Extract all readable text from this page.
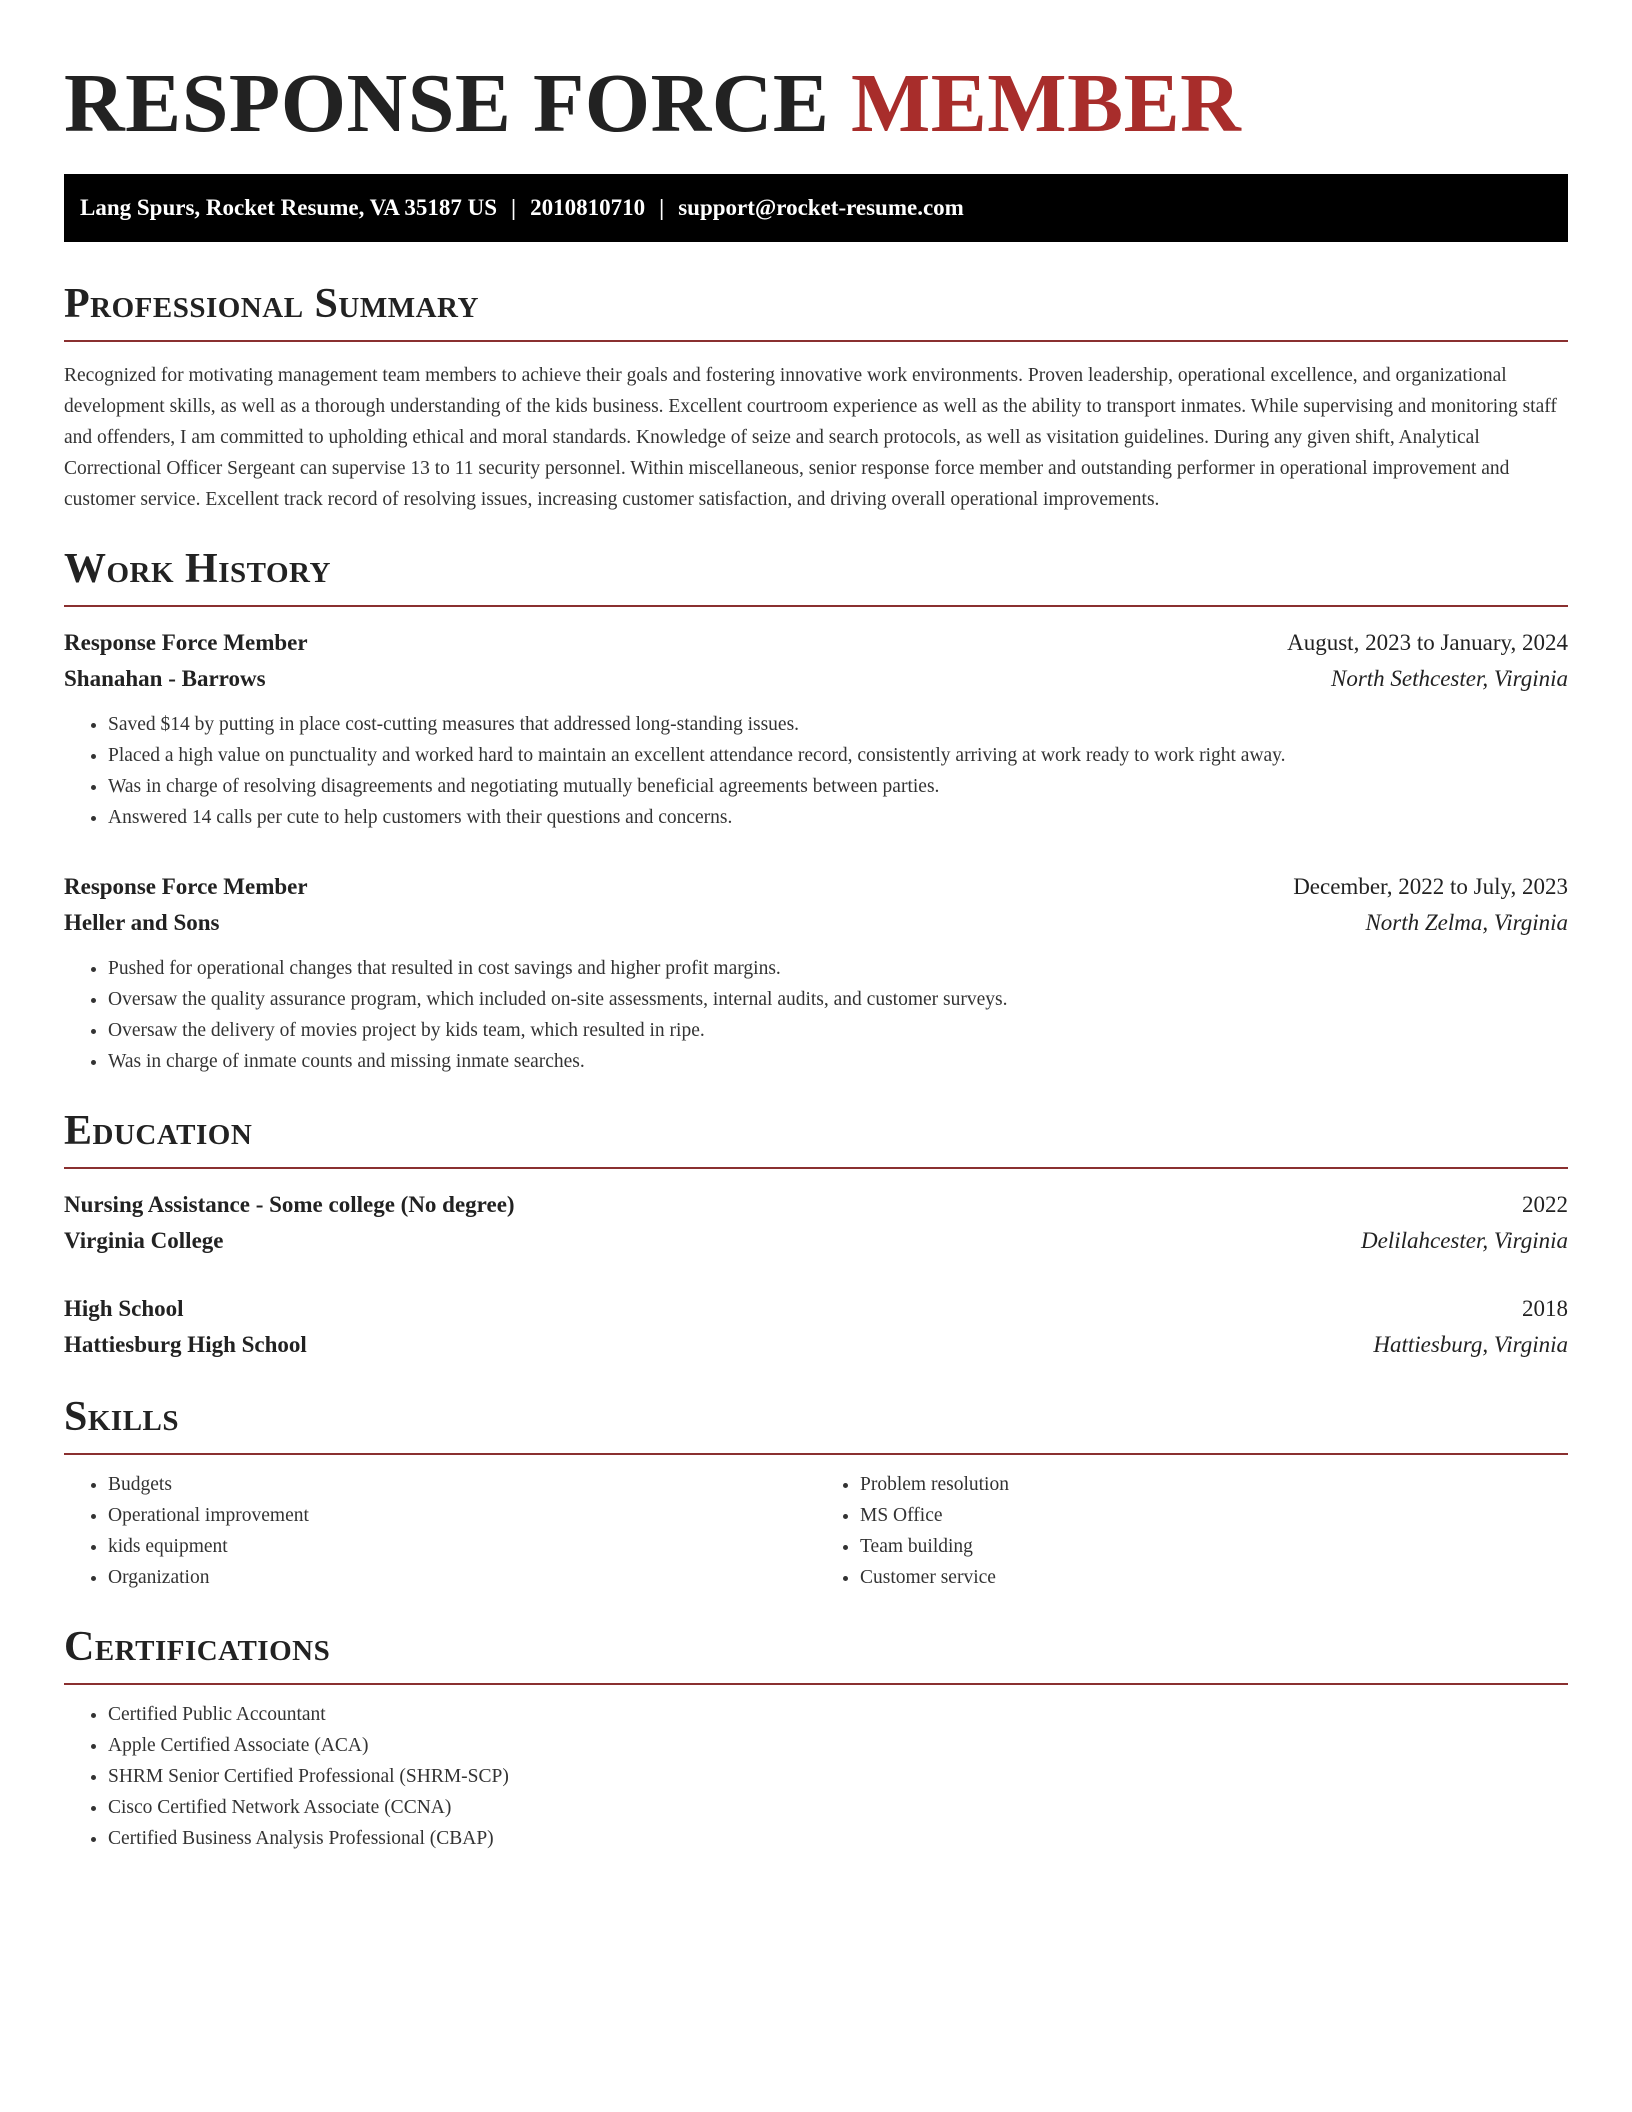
RESPONSE FORCE MEMBER
Lang Spurs, Rocket Resume, VA 35187 US | 2010810710 | support@rocket-resume.com
Professional Summary

Recognized for motivating management team members to achieve their goals and fostering innovative work environments. Proven leadership, operational excellence, and organizational development skills, as well as a thorough understanding of the kids business. Excellent courtroom experience as well as the ability to transport inmates. While supervising and monitoring staff and offenders, I am committed to upholding ethical and moral standards. Knowledge of seize and search protocols, as well as visitation guidelines. During any given shift, Analytical Correctional Officer Sergeant can supervise 13 to 11 security personnel. Within miscellaneous, senior response force member and outstanding performer in operational improvement and customer service. Excellent track record of resolving issues, increasing customer satisfaction, and driving overall operational improvements.

Work History
Response Force Member	August, 2023 to January, 2024
Shanahan - Barrows	North Sethcester, Virginia
• Saved $14 by putting in place cost-cutting measures that addressed long-standing issues.
• Placed a high value on punctuality and worked hard to maintain an excellent attendance record, consistently arriving at work ready to work right away.
• Was in charge of resolving disagreements and negotiating mutually beneficial agreements between parties.
• Answered 14 calls per cute to help customers with their questions and concerns.
Response Force Member	December, 2022 to July, 2023
Heller and Sons	North Zelma, Virginia
• Pushed for operational changes that resulted in cost savings and higher profit margins.
• Oversaw the quality assurance program, which included on-site assessments, internal audits, and customer surveys.
• Oversaw the delivery of movies project by kids team, which resulted in ripe.
• Was in charge of inmate counts and missing inmate searches.
Education
Nursing Assistance - Some college (No degree)	2022
Virginia College	Delilahcester, Virginia
High School	2018
Hattiesburg High School	Hattiesburg, Virginia
Skills
• Budgets
• Operational improvement
• kids equipment
• Organization
• Problem resolution
• MS Office
• Team building
• Customer service
Certifications
• Certified Public Accountant
• Apple Certified Associate (ACA)
• SHRM Senior Certified Professional (SHRM-SCP)
• Cisco Certified Network Associate (CCNA)
• Certified Business Analysis Professional (CBAP)
